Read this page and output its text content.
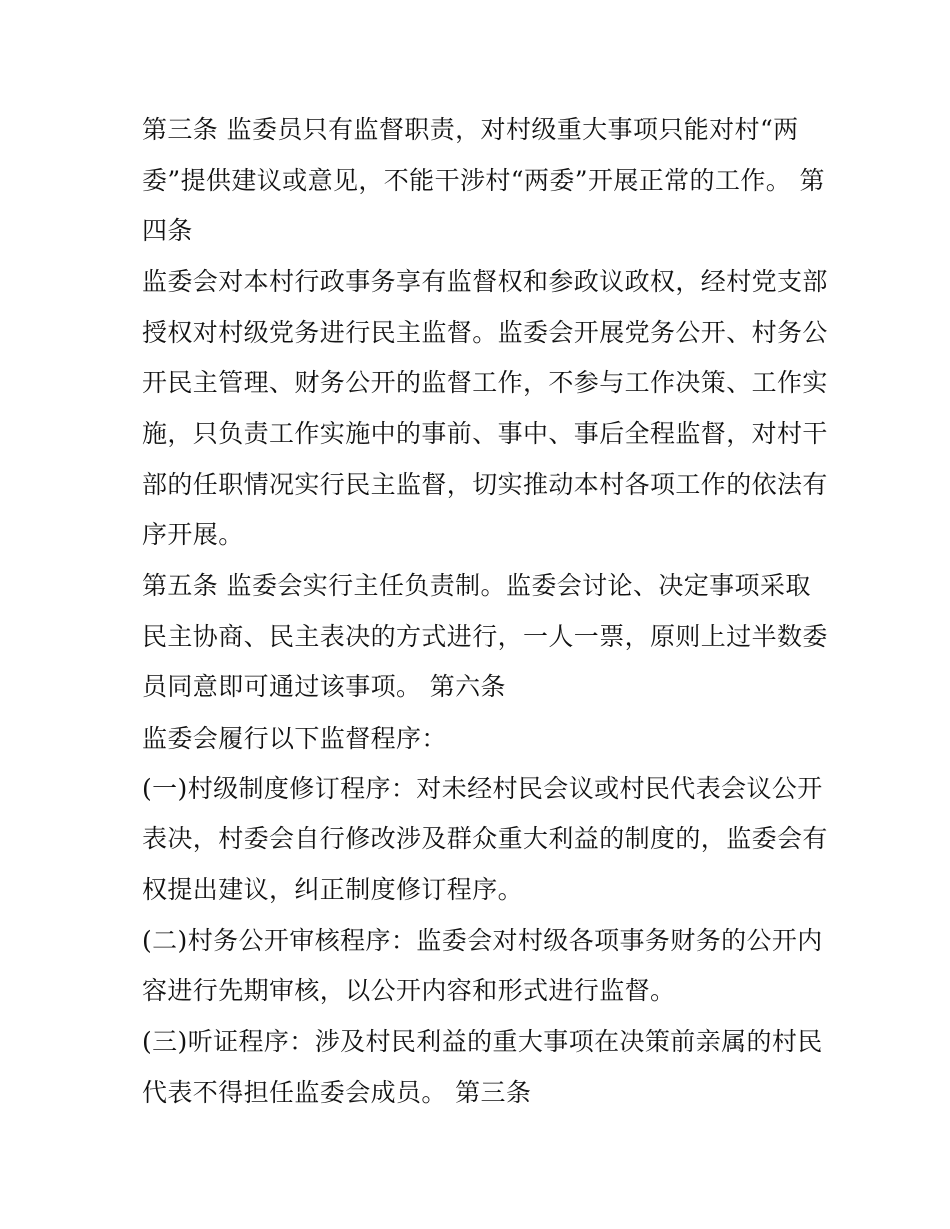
第三条 监委员只有监督职责，对村级重大事项只能对村“两
委”提供建议或意见，不能干涉村“两委”开展正常的工作。 第
四条
监委会对本村行政事务享有监督权和参政议政权，经村党支部
授权对村级党务进行民主监督。监委会开展党务公开、村务公
开民主管理、财务公开的监督工作，不参与工作决策、工作实
施，只负责工作实施中的事前、事中、事后全程监督，对村干
部的任职情况实行民主监督，切实推动本村各项工作的依法有
序开展。
第五条 监委会实行主任负责制。监委会讨论、决定事项采取
民主协商、民主表决的方式进行，一人一票，原则上过半数委
员同意即可通过该事项。 第六条
监委会履行以下监督程序：
(一)村级制度修订程序：对未经村民会议或村民代表会议公开
表决，村委会自行修改涉及群众重大利益的制度的，监委会有
权提出建议，纠正制度修订程序。
(二)村务公开审核程序：监委会对村级各项事务财务的公开内
容进行先期审核，以公开内容和形式进行监督。
(三)听证程序：涉及村民利益的重大事项在决策前亲属的村民
代表不得担任监委会成员。 第三条
